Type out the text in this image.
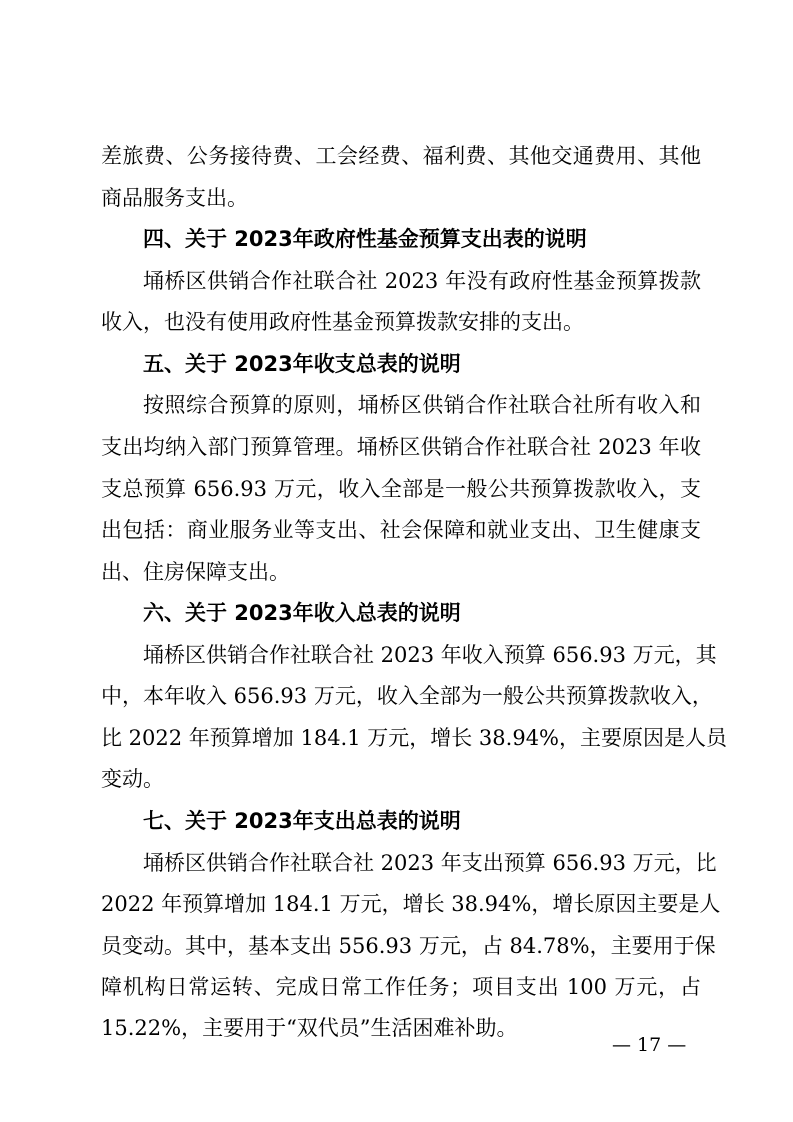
差旅费、公务接待费、工会经费、福利费、其他交通费用、其他
商品服务支出。
四、关于 2023年政府性基金预算支出表的说明
埇桥区供销合作社联合社 2023 年没有政府性基金预算拨款
收入，也没有使用政府性基金预算拨款安排的支出。
五、关于 2023年收支总表的说明
按照综合预算的原则，埇桥区供销合作社联合社所有收入和
支出均纳入部门预算管理。埇桥区供销合作社联合社 2023 年收
支总预算 656.93 万元，收入全部是一般公共预算拨款收入，支
出包括：商业服务业等支出、社会保障和就业支出、卫生健康支
出、住房保障支出。
六、关于 2023年收入总表的说明
埇桥区供销合作社联合社 2023 年收入预算 656.93 万元，其
中，本年收入 656.93 万元，收入全部为一般公共预算拨款收入，
比 2022 年预算增加 184.1 万元，增长 38.94%，主要原因是人员
变动。
七、关于 2023年支出总表的说明
埇桥区供销合作社联合社 2023 年支出预算 656.93 万元，比
2022 年预算增加 184.1 万元，增长 38.94%，增长原因主要是人
员变动。其中，基本支出 556.93 万元，占 84.78%，主要用于保
障机构日常运转、完成日常工作任务；项目支出 100 万元，占
15.22%，主要用于“双代员”生活困难补助。
— 17 —
